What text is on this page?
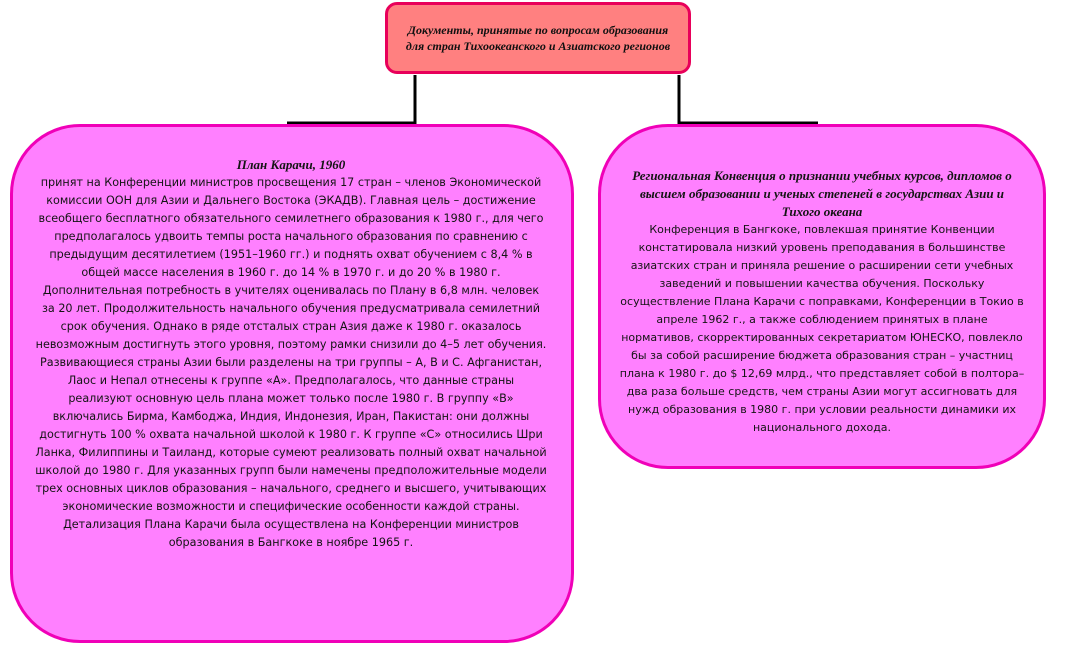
Документы, принятые по вопросам образования для стран Тихоокеанского и Азиатского регионов
План Карачи, 1960
принят на Конференции министров просвещения 17 стран – членов Экономической комиссии ООН для Азии и Дальнего Востока (ЭКАДВ). Главная цель – достижение всеобщего бесплатного обязательного семилетнего образования к 1980 г., для чего предполагалось удвоить темпы роста начального образования по сравнению с предыдущим десятилетием (1951–1960 гг.) и поднять охват обучением с 8,4 % в общей массе населения в 1960 г. до 14 % в 1970 г. и до 20 % в 1980 г. Дополнительная потребность в учителях оценивалась по Плану в 6,8 млн. человек за 20 лет. Продолжительность начального обучения предусматривала семилетний срок обучения. Однако в ряде отсталых стран Азия даже к 1980 г. оказалось невозможным достигнуть этого уровня, поэтому рамки снизили до 4–5 лет обучения. Развивающиеся страны Азии были разделены на три группы – А, В и С. Афганистан, Лаос и Непал отнесены к группе «А». Предполагалось, что данные страны реализуют основную цель плана может только после 1980 г. В группу «В» включались Бирма, Камбоджа, Индия, Индонезия, Иран, Пакистан: они должны достигнуть 100 % охвата начальной школой к 1980 г. К группе «С» относились Шри Ланка, Филиппины и Таиланд, которые сумеют реализовать полный охват начальной школой до 1980 г. Для указанных групп были намечены предположительные модели трех основных циклов образования – начального, среднего и высшего, учитывающих экономические возможности и специфические особенности каждой страны. Детализация Плана Карачи была осуществлена на Конференции министров образования в Бангкоке в ноябре 1965 г.
Региональная Конвенция о признании учебных курсов, дипломов о высшем образовании и ученых степеней в государствах Азии и Тихого океана
Конференция в Бангкоке, повлекшая принятие Конвенции констатировала низкий уровень преподавания в большинстве азиатских стран и приняла решение о расширении сети учебных заведений и повышении качества обучения. Поскольку осуществление Плана Карачи с поправками, Конференции в Токио в апреле 1962 г., а также соблюдением принятых в плане нормативов, скорректированных секретариатом ЮНЕСКО, повлекло бы за собой расширение бюджета образования стран – участниц плана к 1980 г. до $ 12,69 млрд., что представляет собой в полтора–два раза больше средств, чем страны Азии могут ассигновать для нужд образования в 1980 г. при условии реальности динамики их национального дохода.
